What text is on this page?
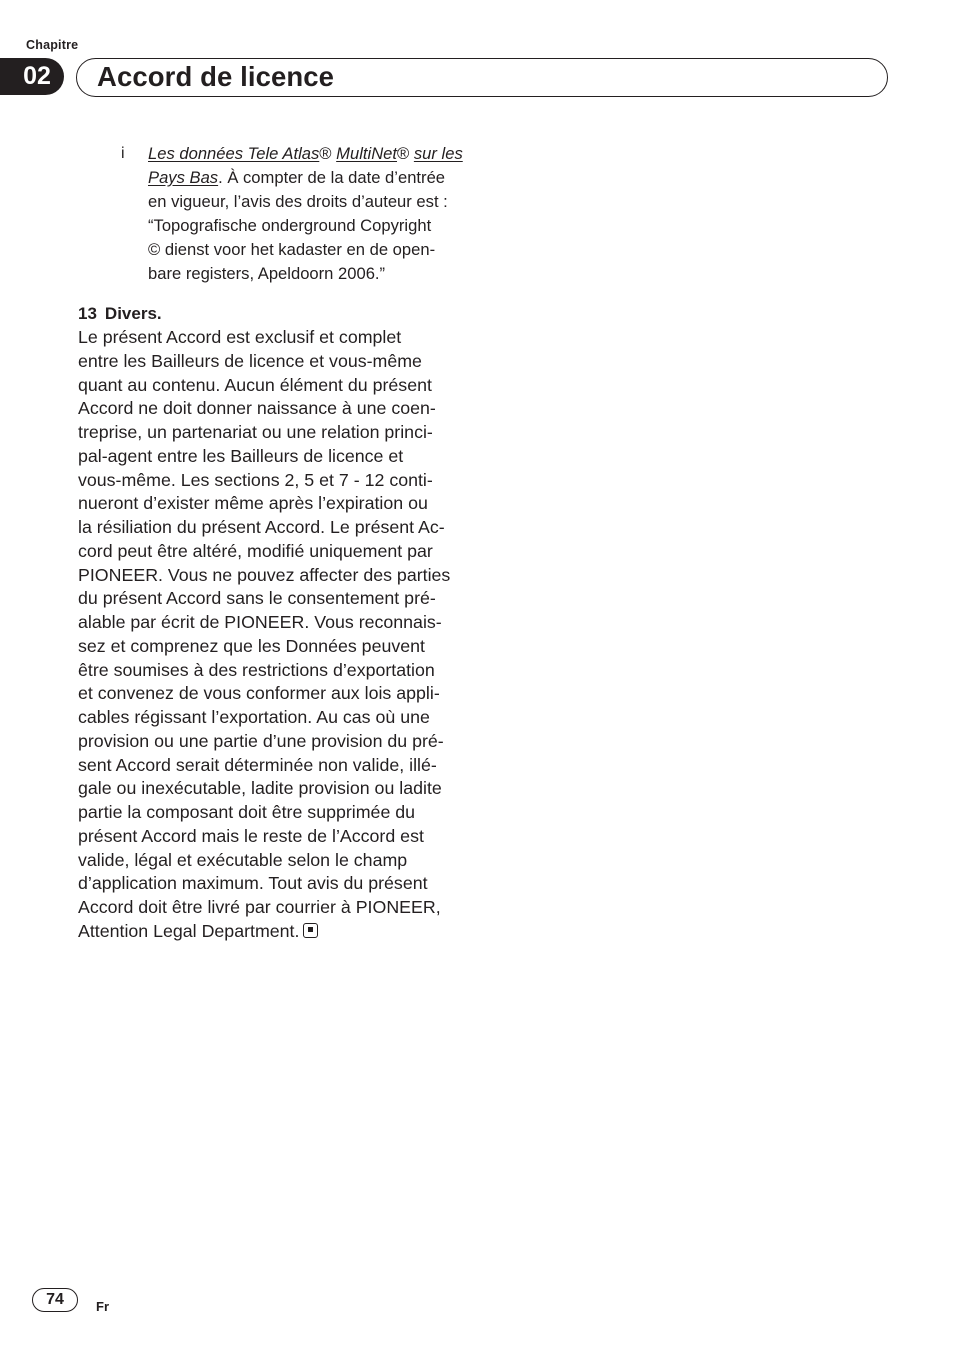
Chapitre
02	Accord de licence
i Les données Tele Atlas® MultiNet® sur les
Pays Bas. À compter de la date d’entrée
en vigueur, l’avis des droits d’auteur est :
“Topografische onderground Copyright
© dienst voor het kadaster en de open-
bare registers, Apeldoorn 2006.”

13 Divers.

Le présent Accord est exclusif et complet
entre les Bailleurs de licence et vous-même
quant au contenu. Aucun élément du présent
Accord ne doit donner naissance à une coen-
treprise, un partenariat ou une relation princi-
pal-agent entre les Bailleurs de licence et
vous-même. Les sections 2, 5 et 7 - 12 conti-
nueront d’exister même après l’expiration ou
la résiliation du présent Accord. Le présent Ac-
cord peut être altéré, modifié uniquement par
PIONEER. Vous ne pouvez affecter des parties
du présent Accord sans le consentement pré-
alable par écrit de PIONEER. Vous reconnais-
sez et comprenez que les Données peuvent
être soumises à des restrictions d’exportation
et convenez de vous conformer aux lois appli-
cables régissant l’exportation. Au cas où une
provision ou une partie d’une provision du pré-
sent Accord serait déterminée non valide, illé-
gale ou inexécutable, ladite provision ou ladite
partie la composant doit être supprimée du
présent Accord mais le reste de l’Accord est
valide, légal et exécutable selon le champ
d’application maximum. Tout avis du présent
Accord doit être livré par courrier à PIONEER,
Attention Legal Department.

74	Fr
